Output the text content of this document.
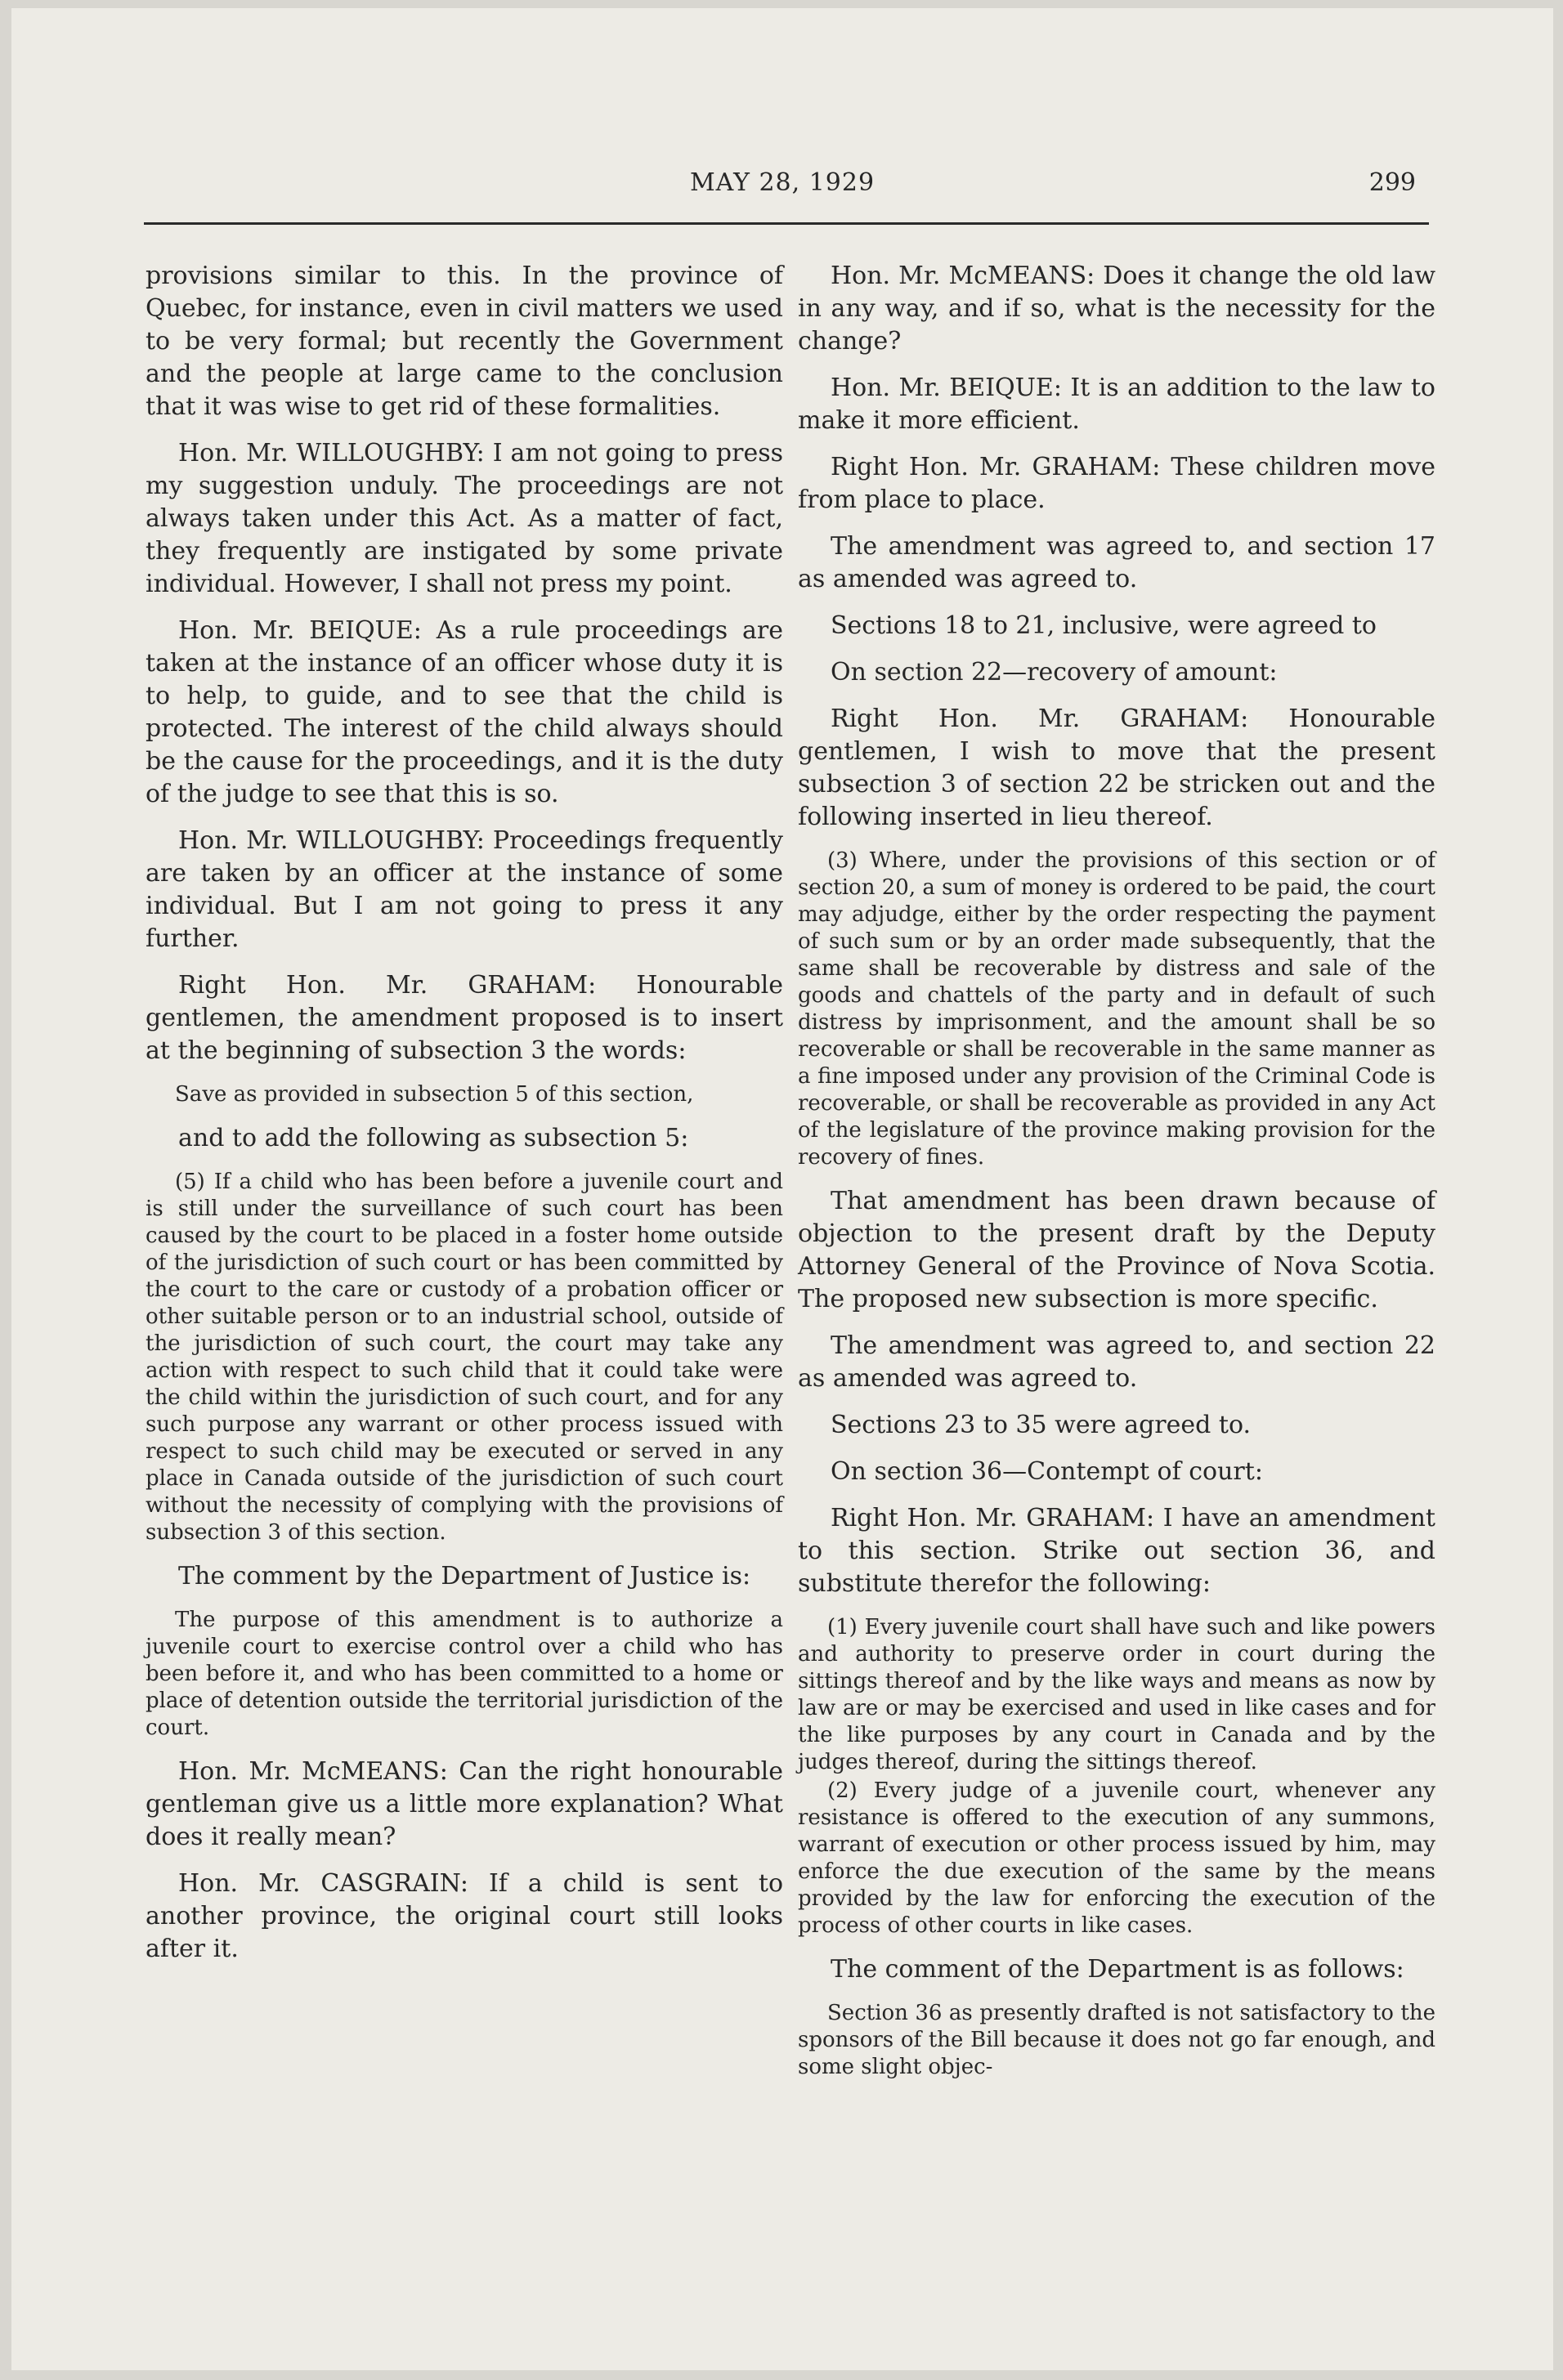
MAY 28, 1929	299

provisions similar to this. In the province of Quebec, for instance, even in civil matters we used to be very formal; but recently the Government and the people at large came to the conclusion that it was wise to get rid of these formalities.

Hon. Mr. WILLOUGHBY: I am not going to press my suggestion unduly. The proceedings are not always taken under this Act. As a matter of fact, they frequently are instigated by some private individual. However, I shall not press my point.

Hon. Mr. BEIQUE: As a rule proceedings are taken at the instance of an officer whose duty it is to help, to guide, and to see that the child is protected. The interest of the child always should be the cause for the proceedings, and it is the duty of the judge to see that this is so.

Hon. Mr. WILLOUGHBY: Proceedings frequently are taken by an officer at the instance of some individual. But I am not going to press it any further.

Right Hon. Mr. GRAHAM: Honourable gentlemen, the amendment proposed is to insert at the beginning of subsection 3 the words:

Save as provided in subsection 5 of this section,

and to add the following as subsection 5:

(5) If a child who has been before a juvenile court and is still under the surveillance of such court has been caused by the court to be placed in a foster home outside of the jurisdiction of such court or has been committed by the court to the care or custody of a probation officer or other suitable person or to an industrial school, outside of the jurisdiction of such court, the court may take any action with respect to such child that it could take were the child within the jurisdiction of such court, and for any such purpose any warrant or other process issued with respect to such child may be executed or served in any place in Canada outside of the jurisdiction of such court without the necessity of complying with the provisions of subsection 3 of this section.

The comment by the Department of Justice is:

The purpose of this amendment is to authorize a juvenile court to exercise control over a child who has been before it, and who has been committed to a home or place of detention outside the territorial jurisdiction of the court.

Hon. Mr. McMEANS: Can the right honourable gentleman give us a little more explanation? What does it really mean?

Hon. Mr. CASGRAIN: If a child is sent to another province, the original court still looks after it.

Hon. Mr. McMEANS: Does it change the old law in any way, and if so, what is the necessity for the change?

Hon. Mr. BEIQUE: It is an addition to the law to make it more efficient.

Right Hon. Mr. GRAHAM: These children move from place to place.

The amendment was agreed to, and section 17 as amended was agreed to.

Sections 18 to 21, inclusive, were agreed to

On section 22—recovery of amount:

Right Hon. Mr. GRAHAM: Honourable gentlemen, I wish to move that the present subsection 3 of section 22 be stricken out and the following inserted in lieu thereof.

(3) Where, under the provisions of this section or of section 20, a sum of money is ordered to be paid, the court may adjudge, either by the order respecting the payment of such sum or by an order made subsequently, that the same shall be recoverable by distress and sale of the goods and chattels of the party and in default of such distress by imprisonment, and the amount shall be so recoverable or shall be recoverable in the same manner as a fine imposed under any provision of the Criminal Code is recoverable, or shall be recoverable as provided in any Act of the legislature of the province making provision for the recovery of fines.

That amendment has been drawn because of objection to the present draft by the Deputy Attorney General of the Province of Nova Scotia. The proposed new subsection is more specific.

The amendment was agreed to, and section 22 as amended was agreed to.

Sections 23 to 35 were agreed to.

On section 36—Contempt of court:

Right Hon. Mr. GRAHAM: I have an amendment to this section. Strike out section 36, and substitute therefor the following:

(1) Every juvenile court shall have such and like powers and authority to preserve order in court during the sittings thereof and by the like ways and means as now by law are or may be exercised and used in like cases and for the like purposes by any court in Canada and by the judges thereof, during the sittings thereof.

(2) Every judge of a juvenile court, whenever any resistance is offered to the execution of any summons, warrant of execution or other process issued by him, may enforce the due execution of the same by the means provided by the law for enforcing the execution of the process of other courts in like cases.

The comment of the Department is as follows:

Section 36 as presently drafted is not satisfactory to the sponsors of the Bill because it does not go far enough, and some slight objec-
